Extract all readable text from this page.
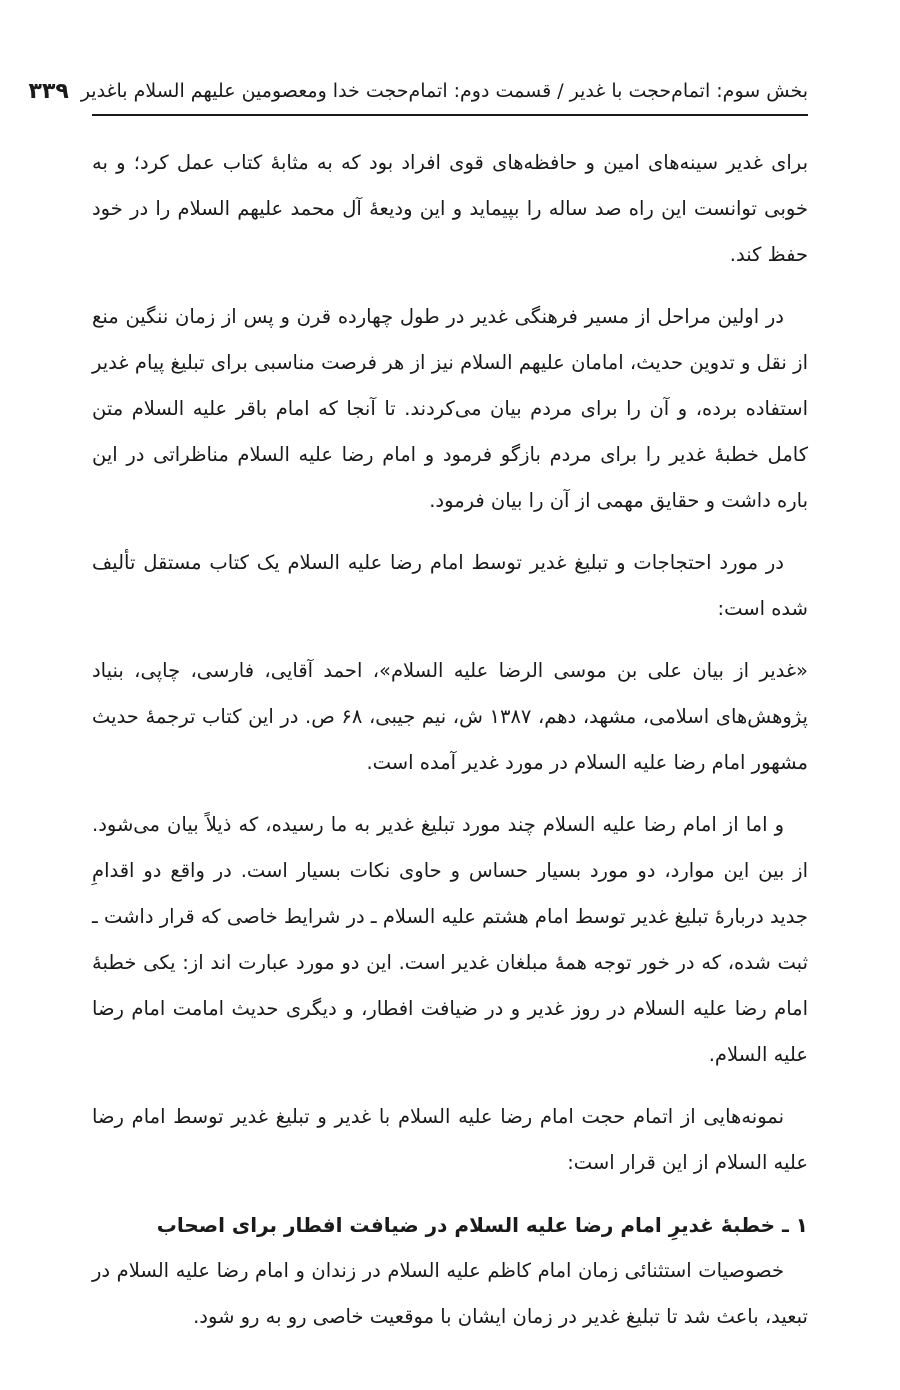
بخش سوم: اتمام‌حجت با غدیر / قسمت دوم: اتمام‌حجت خدا ومعصومین علیهم السلام باغدیر
۳۳۹

برای غدیر سینه‌های امین و حافظه‌های قوی افراد بود که به مثابهٔ کتاب عمل کرد؛ و به خوبی توانست این راه صد ساله را بپیماید و این ودیعهٔ آل محمد علیهم السلام را در خود حفظ کند.

در اولین مراحل از مسیر فرهنگی غدیر در طول چهارده قرن و پس از زمان ننگین منع از نقل و تدوین حدیث، امامان علیهم السلام نیز از هر فرصت مناسبی برای تبلیغ پیام غدیر استفاده برده، و آن را برای مردم بیان می‌کردند. تا آنجا که امام باقر علیه السلام متن کامل خطبهٔ غدیر را برای مردم بازگو فرمود و امام رضا علیه السلام مناظراتی در این باره داشت و حقایق مهمی از آن را بیان فرمود.

در مورد احتجاجات و تبلیغ غدیر توسط امام رضا علیه السلام یک کتاب مستقل تألیف شده است:

«غدیر از بیان علی بن موسی الرضا علیه السلام»، احمد آقایی، فارسی، چاپی، بنیاد پژوهش‌های اسلامی، مشهد، دهم، ۱۳۸۷ ش، نیم جیبی، ۶۸ ص. در این کتاب ترجمهٔ حدیث مشهور امام رضا علیه السلام در مورد غدیر آمده است.

و اما از امام رضا علیه السلام چند مورد تبلیغ غدیر به ما رسیده، که ذیلاً بیان می‌شود. از بین این موارد، دو مورد بسیار حساس و حاوی نکات بسیار است. در واقع دو اقدامِ جدید دربارهٔ تبلیغ غدیر توسط امام هشتم علیه السلام ـ در شرایط خاصی که قرار داشت ـ ثبت شده، که در خور توجه همهٔ مبلغان غدیر است. این دو مورد عبارت اند از: یکی خطبهٔ امام رضا علیه السلام در روز غدیر و در ضیافت افطار، و دیگری حدیث امامت امام رضا علیه السلام.

نمونه‌هایی از اتمام حجت امام رضا علیه السلام با غدیر و تبلیغ غدیر توسط امام رضا علیه السلام از این قرار است:

۱ ـ خطبهٔ غدیرِ امام رضا علیه السلام در ضیافت افطار برای اصحاب

خصوصیات استثنائی زمان امام کاظم علیه السلام در زندان و امام رضا علیه السلام در تبعید، باعث شد تا تبلیغ غدیر در زمان ایشان با موقعیت خاصی رو به رو شود.
